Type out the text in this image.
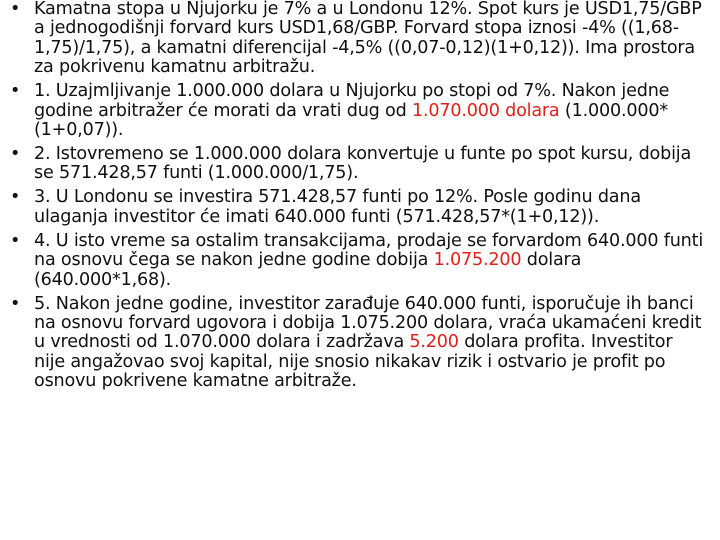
• Kamatna stopa u Njujorku je 7% a u Londonu 12%. Spot kurs je USD1,75/GBP a jednogodišnji forvard kurs USD1,68/GBP. Forvard stopa iznosi -4% ((1,68-1,75)/1,75), a kamatni diferencijal -4,5% ((0,07-0,12)(1+0,12)). Ima prostora za pokrivenu kamatnu arbitražu.
• 1. Uzajmljivanje 1.000.000 dolara u Njujorku po stopi od 7%. Nakon jedne godine arbitražer će morati da vrati dug od 1.070.000 dolara (1.000.000*(1+0,07)).
• 2. Istovremeno se 1.000.000 dolara konvertuje u funte po spot kursu, dobija se 571.428,57 funti (1.000.000/1,75).
• 3. U Londonu se investira 571.428,57 funti po 12%. Posle godinu dana ulaganja investitor će imati 640.000 funti (571.428,57*(1+0,12)).
• 4. U isto vreme sa ostalim transakcijama, prodaje se forvardom 640.000 funti na osnovu čega se nakon jedne godine dobija 1.075.200 dolara (640.000*1,68).
• 5. Nakon jedne godine, investitor zarađuje 640.000 funti, isporučuje ih banci na osnovu forvard ugovora i dobija 1.075.200 dolara, vraća ukamaćeni kredit u vrednosti od 1.070.000 dolara i zadržava 5.200 dolara profita. Investitor nije angažovao svoj kapital, nije snosio nikakav rizik i ostvario je profit po osnovu pokrivene kamatne arbitraže.
